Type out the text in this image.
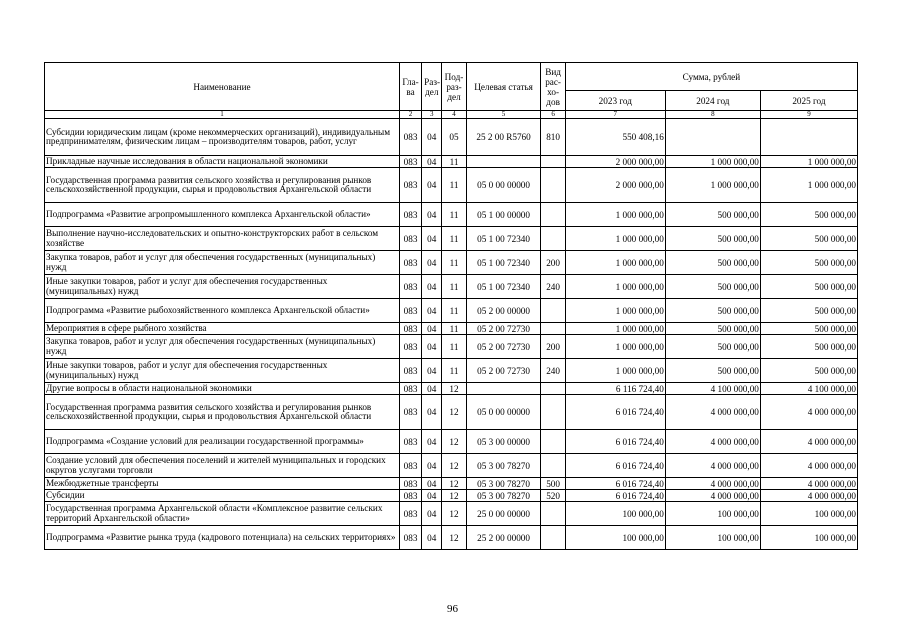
Наименование	Гла-ва	Раз-дел	Под-раз-дел	Целевая статья	Вид рас-хо-дов	Сумма, рублей		
						2023 год	2024 год	2025 год
1	2	3	4	5	6	7	8	9
Субсидии юридическим лицам (кроме некоммерческих организаций), индивидуальным предпринимателям, физическим лицам – производителям товаров, работ, услуг	083	04	05	25 2 00 R5760	810	550 408,16		
Прикладные научные исследования в области национальной экономики	083	04	11			2 000 000,00	1 000 000,00	1 000 000,00
Государственная программа развития сельского хозяйства и регулирования рынков сельскохозяйственной продукции, сырья и продовольствия Архангельской области	083	04	11	05 0 00 00000		2 000 000,00	1 000 000,00	1 000 000,00
Подпрограмма «Развитие агропромышленного комплекса Архангельской области»	083	04	11	05 1 00 00000		1 000 000,00	500 000,00	500 000,00
Выполнение научно-исследовательских и опытно-конструкторских работ в сельском хозяйстве	083	04	11	05 1 00 72340		1 000 000,00	500 000,00	500 000,00
Закупка товаров, работ и услуг для обеспечения государственных (муниципальных) нужд	083	04	11	05 1 00 72340	200	1 000 000,00	500 000,00	500 000,00
Иные закупки товаров, работ и услуг для обеспечения государственных (муниципальных) нужд	083	04	11	05 1 00 72340	240	1 000 000,00	500 000,00	500 000,00
Подпрограмма «Развитие рыбохозяйственного комплекса Архангельской области»	083	04	11	05 2 00 00000		1 000 000,00	500 000,00	500 000,00
Мероприятия в сфере рыбного хозяйства	083	04	11	05 2 00 72730		1 000 000,00	500 000,00	500 000,00
Закупка товаров, работ и услуг для обеспечения государственных (муниципальных) нужд	083	04	11	05 2 00 72730	200	1 000 000,00	500 000,00	500 000,00
Иные закупки товаров, работ и услуг для обеспечения государственных (муниципальных) нужд	083	04	11	05 2 00 72730	240	1 000 000,00	500 000,00	500 000,00
Другие вопросы в области национальной экономики	083	04	12			6 116 724,40	4 100 000,00	4 100 000,00
Государственная программа развития сельского хозяйства и регулирования рынков сельскохозяйственной продукции, сырья и продовольствия Архангельской области	083	04	12	05 0 00 00000		6 016 724,40	4 000 000,00	4 000 000,00
Подпрограмма «Создание условий для реализации государственной программы»	083	04	12	05 3 00 00000		6 016 724,40	4 000 000,00	4 000 000,00
Создание условий для обеспечения поселений и жителей муниципальных и городских округов услугами торговли	083	04	12	05 3 00 78270		6 016 724,40	4 000 000,00	4 000 000,00
Межбюджетные трансферты	083	04	12	05 3 00 78270	500	6 016 724,40	4 000 000,00	4 000 000,00
Субсидии	083	04	12	05 3 00 78270	520	6 016 724,40	4 000 000,00	4 000 000,00
Государственная программа Архангельской области «Комплексное развитие сельских территорий Архангельской области»	083	04	12	25 0 00 00000		100 000,00	100 000,00	100 000,00
Подпрограмма «Развитие рынка труда (кадрового потенциала) на сельских территориях»	083	04	12	25 2 00 00000		100 000,00	100 000,00	100 000,00
96
